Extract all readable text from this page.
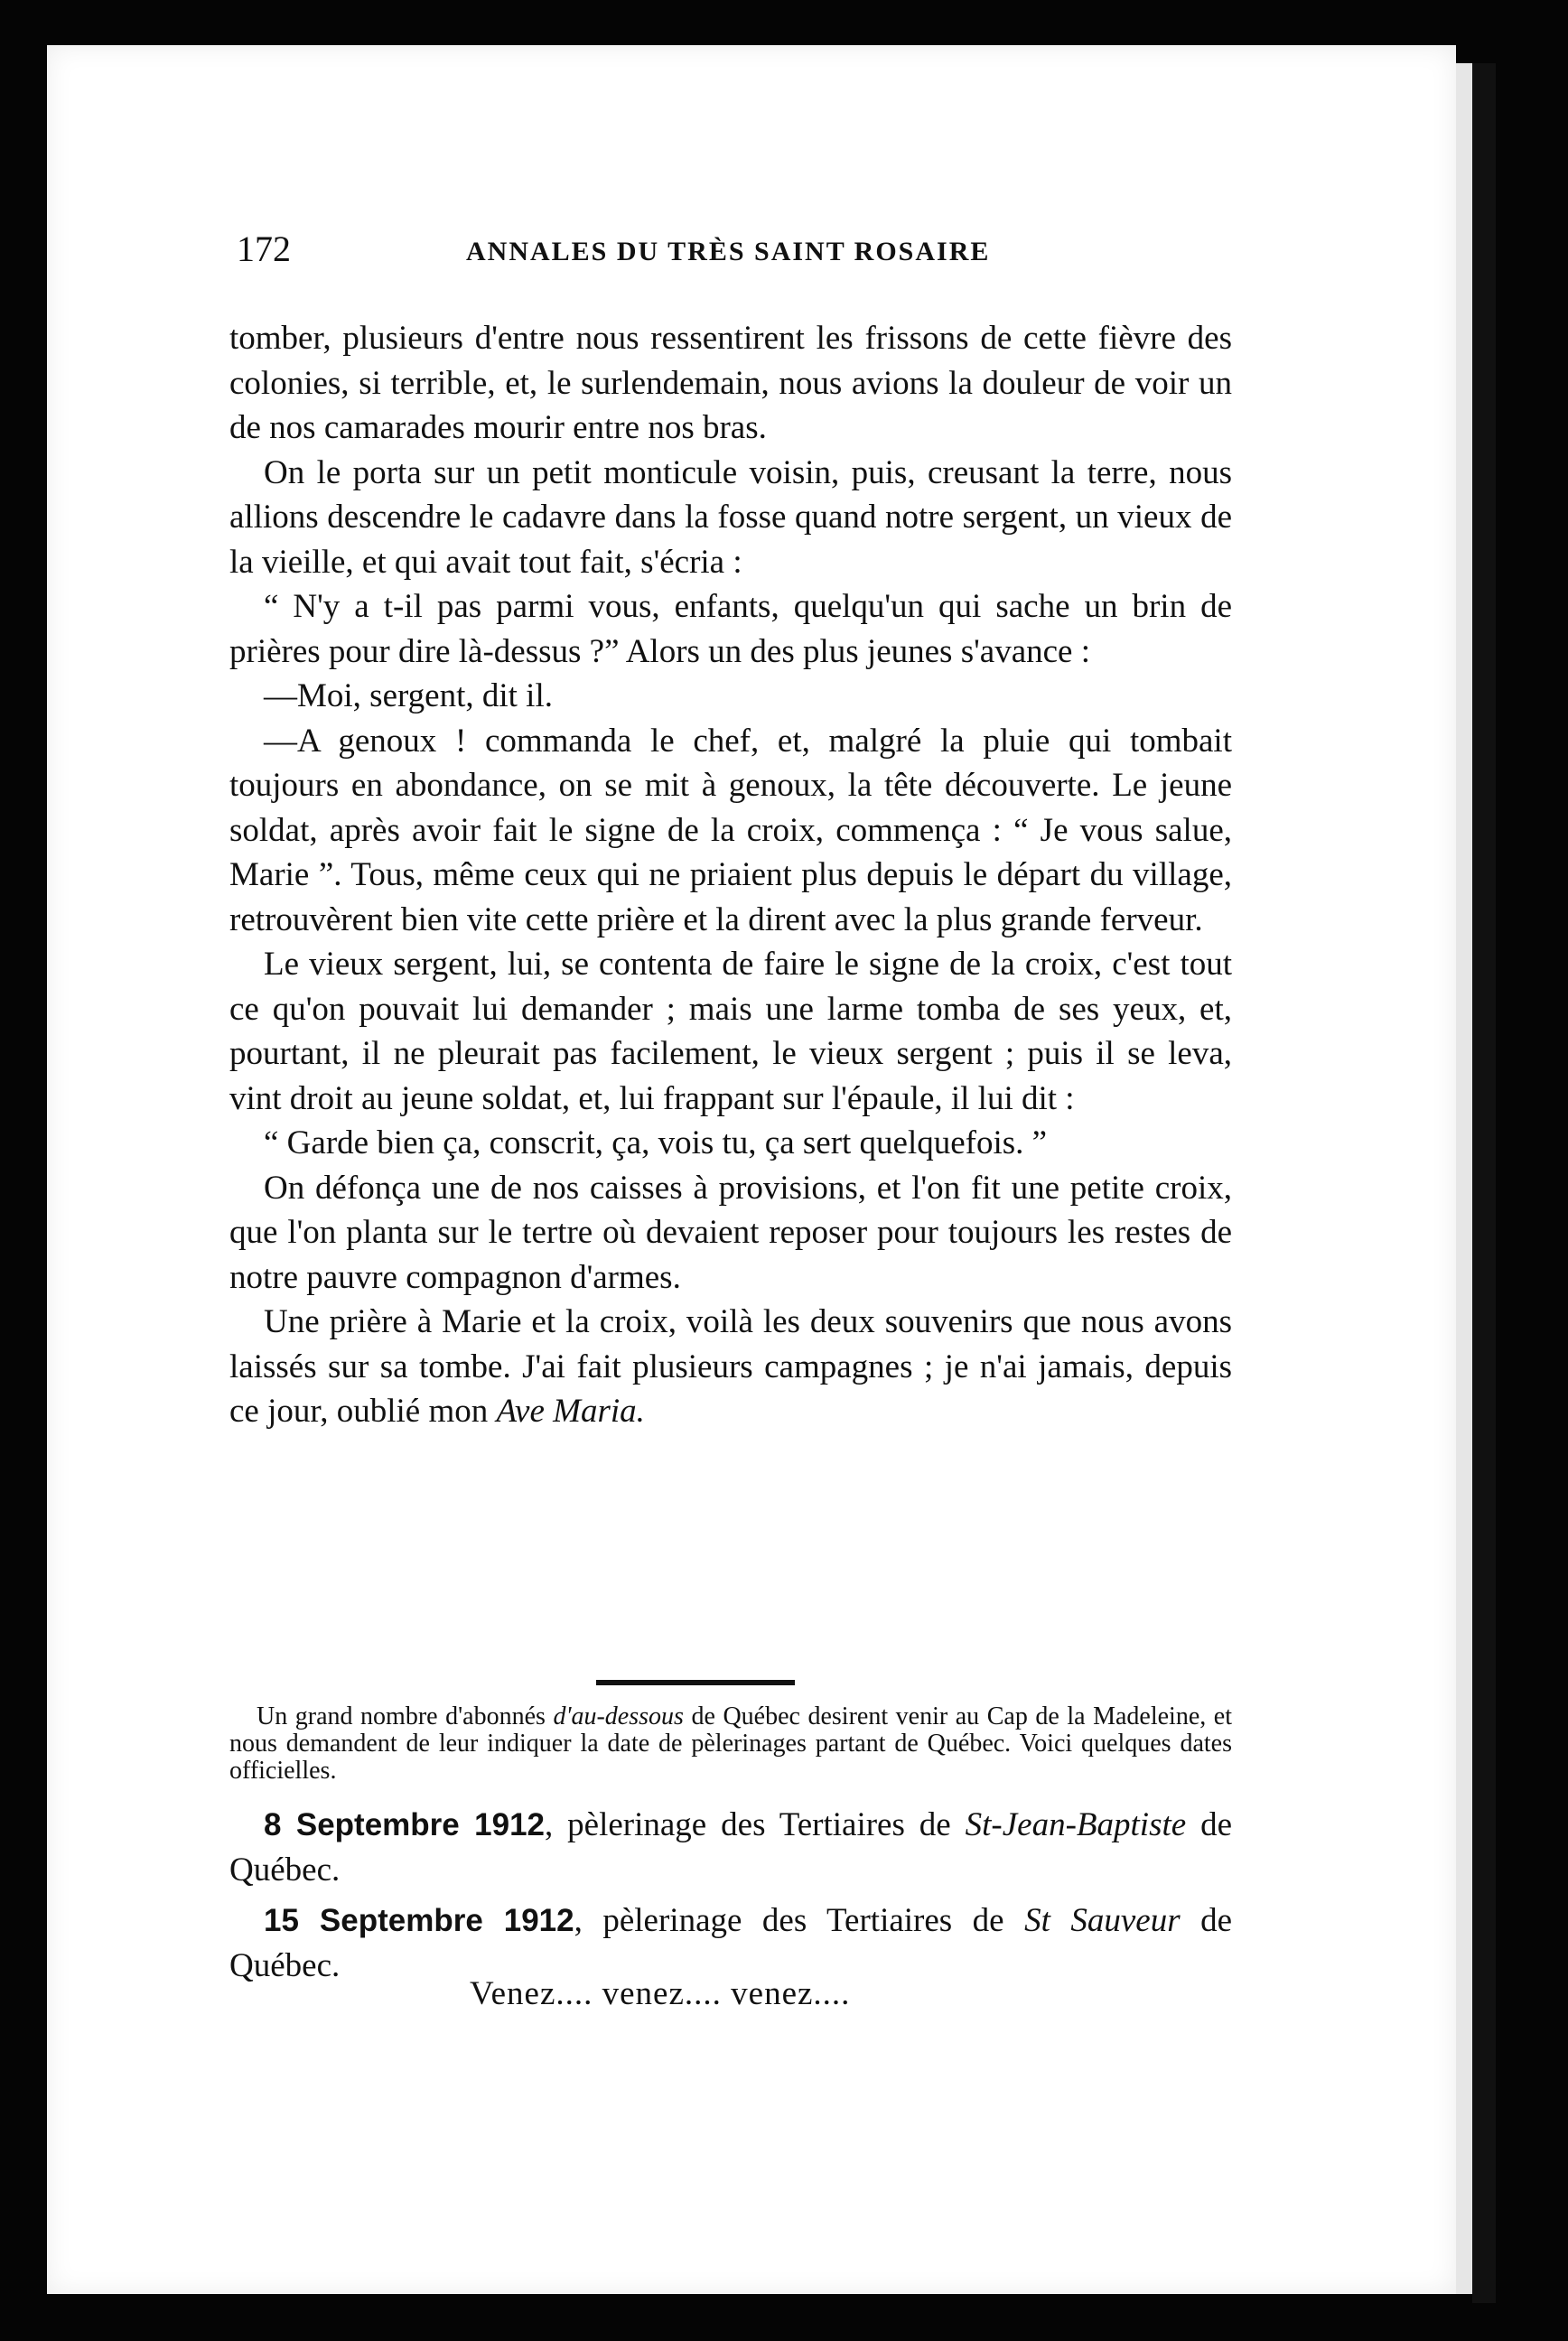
172	ANNALES DU TRÈS SAINT ROSAIRE

tomber, plusieurs d'entre nous ressentirent les frissons de cette fièvre des colonies, si terrible, et, le surlendemain, nous avions la douleur de voir un de nos camarades mourir entre nos bras.

On le porta sur un petit monticule voisin, puis, creusant la terre, nous allions descendre le cadavre dans la fosse quand notre sergent, un vieux de la vieille, et qui avait tout fait, s'écria :

“ N'y a t-il pas parmi vous, enfants, quelqu'un qui sache un brin de prières pour dire là-dessus ?” Alors un des plus jeunes s'avance :

—Moi, sergent, dit il.

—A genoux ! commanda le chef, et, malgré la pluie qui tombait toujours en abondance, on se mit à genoux, la tête découverte. Le jeune soldat, après avoir fait le signe de la croix, commença : “ Je vous salue, Marie ”. Tous, même ceux qui ne priaient plus depuis le départ du village, retrouvèrent bien vite cette prière et la dirent avec la plus grande ferveur.

Le vieux sergent, lui, se contenta de faire le signe de la croix, c'est tout ce qu'on pouvait lui demander ; mais une larme tomba de ses yeux, et, pourtant, il ne pleurait pas facilement, le vieux sergent ; puis il se leva, vint droit au jeune soldat, et, lui frappant sur l'épaule, il lui dit :

“ Garde bien ça, conscrit, ça, vois tu, ça sert quelquefois. ”

On défonça une de nos caisses à provisions, et l'on fit une petite croix, que l'on planta sur le tertre où devaient reposer pour toujours les restes de notre pauvre compagnon d'armes.

Une prière à Marie et la croix, voilà les deux souvenirs que nous avons laissés sur sa tombe. J'ai fait plusieurs campagnes ; je n'ai jamais, depuis ce jour, oublié mon Ave Maria.

Un grand nombre d'abonnés d'au-dessous de Québec desirent venir au Cap de la Madeleine, et nous demandent de leur indiquer la date de pèlerinages partant de Québec. Voici quelques dates officielles.

8 Septembre 1912, pèlerinage des Tertiaires de St-Jean-Baptiste de Québec.

15 Septembre 1912, pèlerinage des Tertiaires de St Sauveur de Québec.

Venez.... venez.... venez....
